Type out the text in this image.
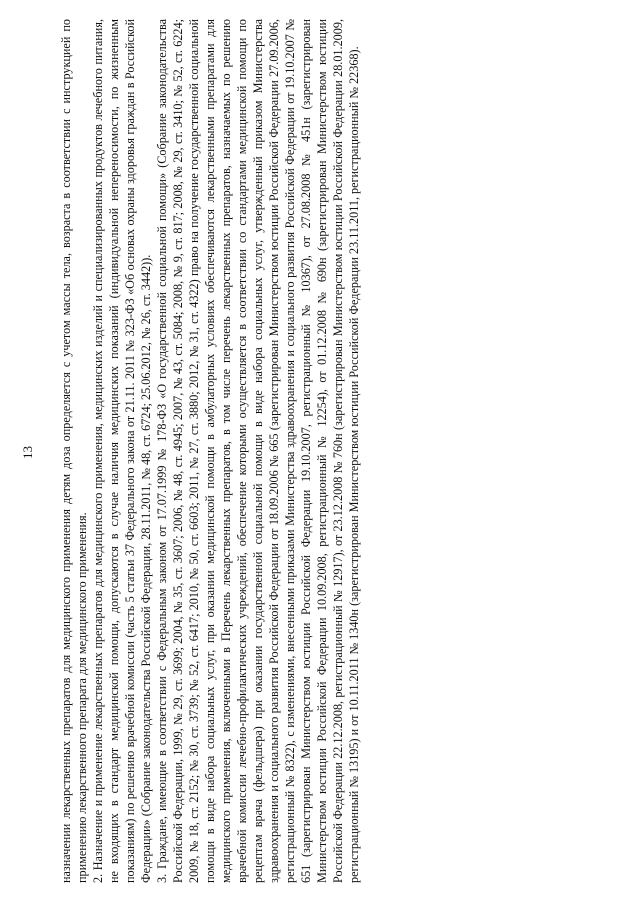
13 назначении лекарственных препаратов для медицинского применения детям доза определяется с учетом массы тела, возраста в соответствии с инструкцией по применению лекарственного препарата для медицинского применения. 2. Назначение и применение лекарственных препаратов для медицинского применения, медицинских изделий и специализированных продуктов лечебного питания, не входящих в стандарт медицинской помощи, допускаются в случае наличия медицинских показаний (индивидуальной непереносимости, по жизненным показаниям) по решению врачебной комиссии (часть 5 статьи 37 Федерального закона от 21.11. 2011 № 323-ФЗ «Об основах охраны здоровья граждан в Российской Федерации» (Собрание законодательства Российской Федерации, 28.11.2011, № 48, ст. 6724; 25.06.2012, № 26, ст. 3442)). 3. Граждане, имеющие в соответствии с Федеральным законом от 17.07.1999 № 178-ФЗ «О государственной социальной помощи» (Собрание законодательства Российской Федерации, 1999, № 29, ст. 3699; 2004, № 35, ст. 3607; 2006, № 48, ст. 4945; 2007, № 43, ст. 5084; 2008, № 9, ст. 817; 2008, № 29, ст. 3410; № 52, ст. 6224; 2009, № 18, ст. 2152; № 30, ст. 3739; № 52, ст. 6417; 2010, № 50, ст. 6603; 2011, № 27, ст. 3880; 2012, № 31, ст. 4322) право на получение государственной социальной помощи в виде набора социальных услуг, при оказании медицинской помощи в амбулаторных условиях обеспечиваются лекарственными препаратами для медицинского применения, включенными в Перечень лекарственных препаратов, в том числе перечень лекарственных препаратов, назначаемых по решению врачебной комиссии лечебно-профилактических учреждений, обеспечение которыми осуществляется в соответствии со стандартами медицинской помощи по рецептам врача (фельдшера) при оказании государственной социальной помощи в виде набора социальных услуг, утвержденный приказом Министерства здравоохранения и социального развития Российской Федерации от 18.09.2006 № 665 (зарегистрирован Министерством юстиции Российской Федерации 27.09.2006, регистрационный № 8322), с изменениями, внесенными приказами Министерства здравоохранения и социального развития Российской Федерации от 19.10.2007 № 651 (зарегистрирован Министерством юстиции Российской Федерации 19.10.2007, регистрационный № 10367), от 27.08.2008 № 451н (зарегистрирован Министерством юстиции Российской Федерации 10.09.2008, регистрационный № 12254), от 01.12.2008 № 690н (зарегистрирован Министерством юстиции Российской Федерации 22.12.2008, регистрационный № 12917), от 23.12.2008 № 760н (зарегистрирован Министерством юстиции Российской Федерации 28.01.2009, регистрационный № 13195) и от 10.11.2011 № 1340н (зарегистрирован Министерством юстиции Российской Федерации 23.11.2011, регистрационный № 22368).
